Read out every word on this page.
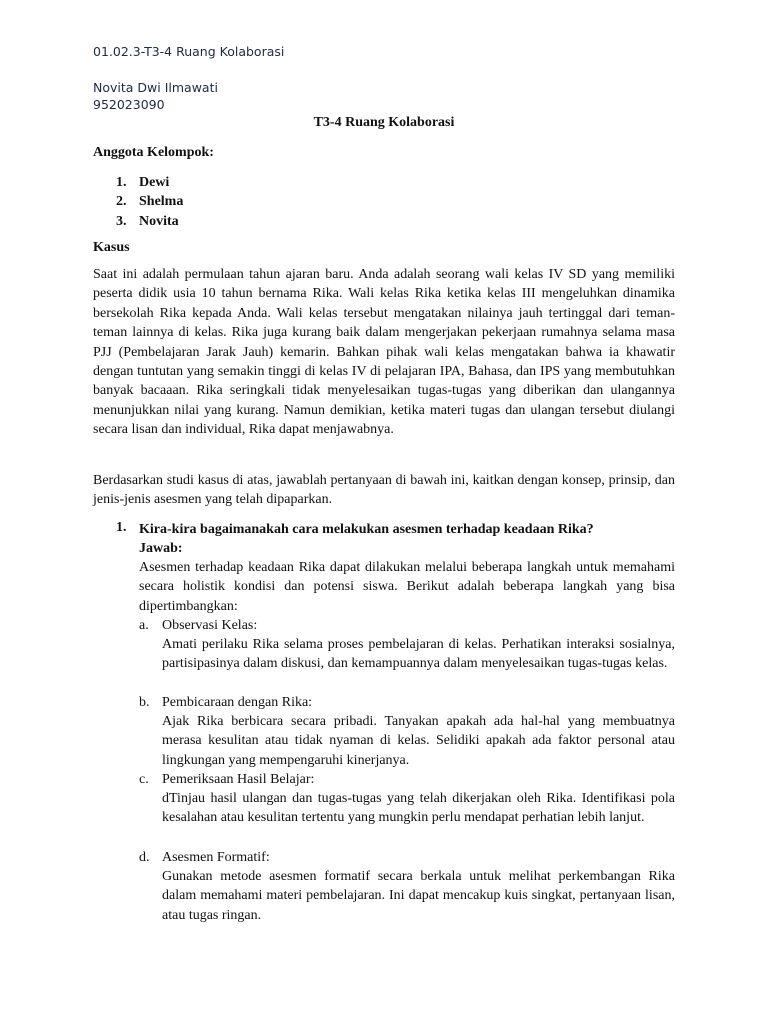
01.02.3-T3-4 Ruang Kolaborasi
Novita Dwi Ilmawati
952023090
T3-4 Ruang Kolaborasi
Anggota Kelompok:
1. Dewi
2. Shelma
3. Novita
Kasus
Saat ini adalah permulaan tahun ajaran baru. Anda adalah seorang wali kelas IV SD yang memiliki peserta didik usia 10 tahun bernama Rika. Wali kelas Rika ketika kelas III mengeluhkan dinamika bersekolah Rika kepada Anda. Wali kelas tersebut mengatakan nilainya jauh tertinggal dari teman-teman lainnya di kelas. Rika juga kurang baik dalam mengerjakan pekerjaan rumahnya selama masa PJJ (Pembelajaran Jarak Jauh) kemarin. Bahkan pihak wali kelas mengatakan bahwa ia khawatir dengan tuntutan yang semakin tinggi di kelas IV di pelajaran IPA, Bahasa, dan IPS yang membutuhkan banyak bacaaan. Rika seringkali tidak menyelesaikan tugas-tugas yang diberikan dan ulangannya menunjukkan nilai yang kurang. Namun demikian, ketika materi tugas dan ulangan tersebut diulangi secara lisan dan individual, Rika dapat menjawabnya.
Berdasarkan studi kasus di atas, jawablah pertanyaan di bawah ini, kaitkan dengan konsep, prinsip, dan jenis-jenis asesmen yang telah dipaparkan.
1. Kira-kira bagaimanakah cara melakukan asesmen terhadap keadaan Rika?
Jawab:
Asesmen terhadap keadaan Rika dapat dilakukan melalui beberapa langkah untuk memahami secara holistik kondisi dan potensi siswa. Berikut adalah beberapa langkah yang bisa dipertimbangkan:
a. Observasi Kelas:
Amati perilaku Rika selama proses pembelajaran di kelas. Perhatikan interaksi sosialnya, partisipasinya dalam diskusi, dan kemampuannya dalam menyelesaikan tugas-tugas kelas.
b. Pembicaraan dengan Rika:
Ajak Rika berbicara secara pribadi. Tanyakan apakah ada hal-hal yang membuatnya merasa kesulitan atau tidak nyaman di kelas. Selidiki apakah ada faktor personal atau lingkungan yang mempengaruhi kinerjanya.
c. Pemeriksaan Hasil Belajar:
dTinjau hasil ulangan dan tugas-tugas yang telah dikerjakan oleh Rika. Identifikasi pola kesalahan atau kesulitan tertentu yang mungkin perlu mendapat perhatian lebih lanjut.
d. Asesmen Formatif:
Gunakan metode asesmen formatif secara berkala untuk melihat perkembangan Rika dalam memahami materi pembelajaran. Ini dapat mencakup kuis singkat, pertanyaan lisan, atau tugas ringan.
